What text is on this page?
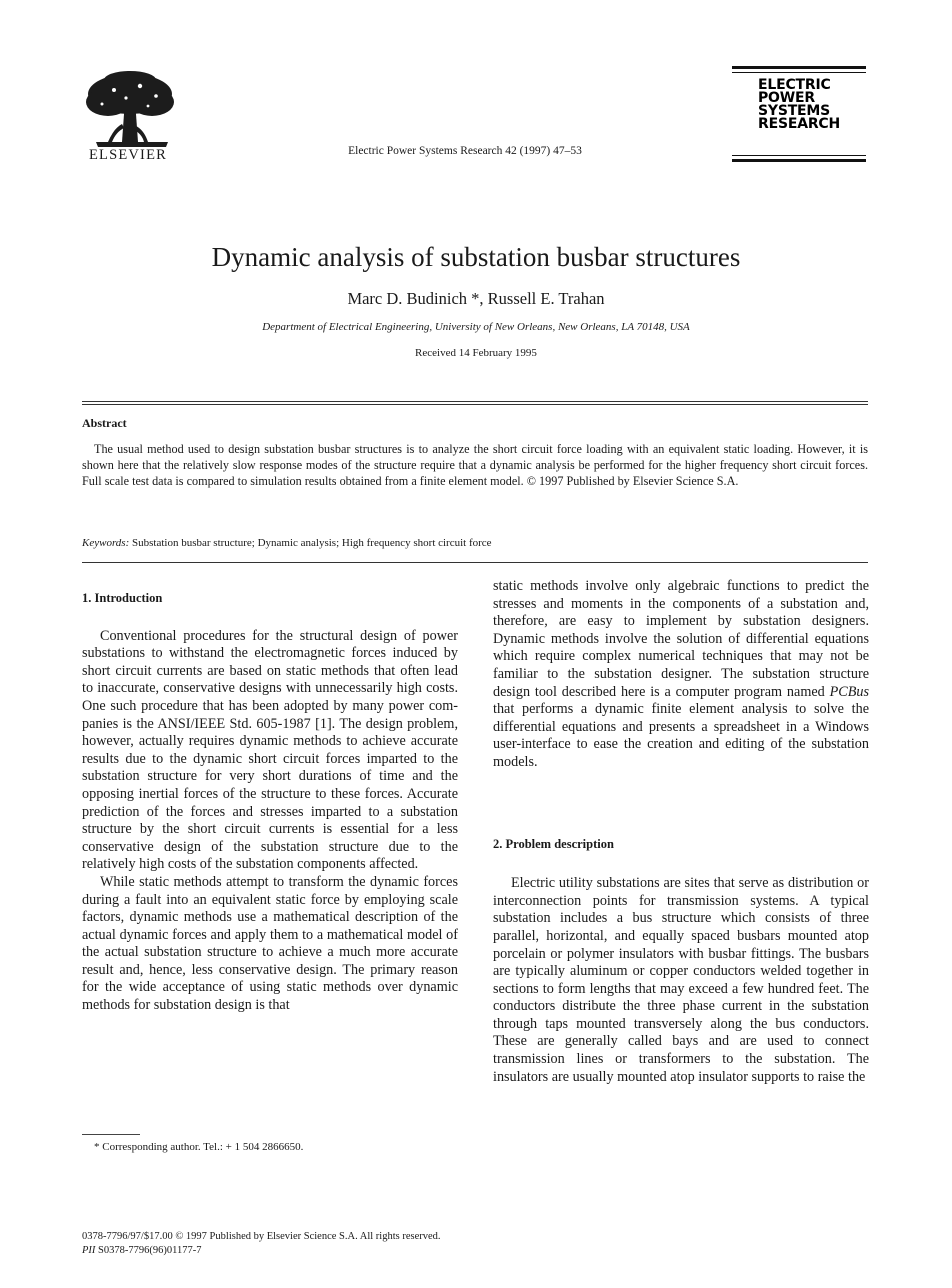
ELSEVIER	Electric Power Systems Research 42 (1997) 47–53
ELECTRIC
POWER
SYSTEMS
RESEARCH
Dynamic analysis of substation busbar structures
Marc D. Budinich *, Russell E. Trahan
Department of Electrical Engineering, University of New Orleans, New Orleans, LA 70148, USA
Received 14 February 1995
Abstract

The usual method used to design substation busbar structures is to analyze the short circuit force loading with an equivalent static loading. However, it is shown here that the relatively slow response modes of the structure require that a dynamic analysis be performed for the higher frequency short circuit forces. Full scale test data is compared to simulation results obtained from a finite element model. © 1997 Published by Elsevier Science S.A.

Keywords: Substation busbar structure; Dynamic analysis; High frequency short circuit force
1. Introduction

Conventional procedures for the structural design of power substations to withstand the electromagnetic forces induced by short circuit currents are based on static methods that often lead to inaccurate, conservative designs with unnecessarily high costs. One such procedure that has been adopted by many power companies is the ANSI/IEEE Std. 605-1987 [1]. The design problem, however, actually requires dynamic methods to achieve accurate results due to the dynamic short circuit forces imparted to the substation structure for very short durations of time and the opposing inertial forces of the structure to these forces. Accurate prediction of the forces and stresses imparted to a substation structure by the short circuit currents is essential for a less conservative design of the substation structure due to the relatively high costs of the substation components affected.

While static methods attempt to transform the dynamic forces during a fault into an equivalent static force by employing scale factors, dynamic methods use a mathematical description of the actual dynamic forces and apply them to a mathematical model of the actual substation structure to achieve a much more accurate result and, hence, less conservative design. The primary reason for the wide acceptance of using static methods over dynamic methods for substation design is that

static methods involve only algebraic functions to predict the stresses and moments in the components of a substation and, therefore, are easy to implement by substation designers. Dynamic methods involve the solution of differential equations which require complex numerical techniques that may not be familiar to the substation designer. The substation structure design tool described here is a computer program named PCBus that performs a dynamic finite element analysis to solve the differential equations and presents a spreadsheet in a Windows user-interface to ease the creation and editing of the substation models.

2. Problem description

Electric utility substations are sites that serve as distribution or interconnection points for transmission systems. A typical substation includes a bus structure which consists of three parallel, horizontal, and equally spaced busbars mounted atop porcelain or polymer insulators with busbar fittings. The busbars are typically aluminum or copper conductors welded together in sections to form lengths that may exceed a few hundred feet. The conductors distribute the three phase current in the substation through taps mounted transversely along the bus conductors. These are generally called bays and are used to connect transmission lines or transformers to the substation. The insulators are usually mounted atop insulator supports to raise the

* Corresponding author. Tel.: + 1 504 2866650.
0378-7796/97/$17.00 © 1997 Published by Elsevier Science S.A. All rights reserved.
PII S0378-7796(96)01177-7
